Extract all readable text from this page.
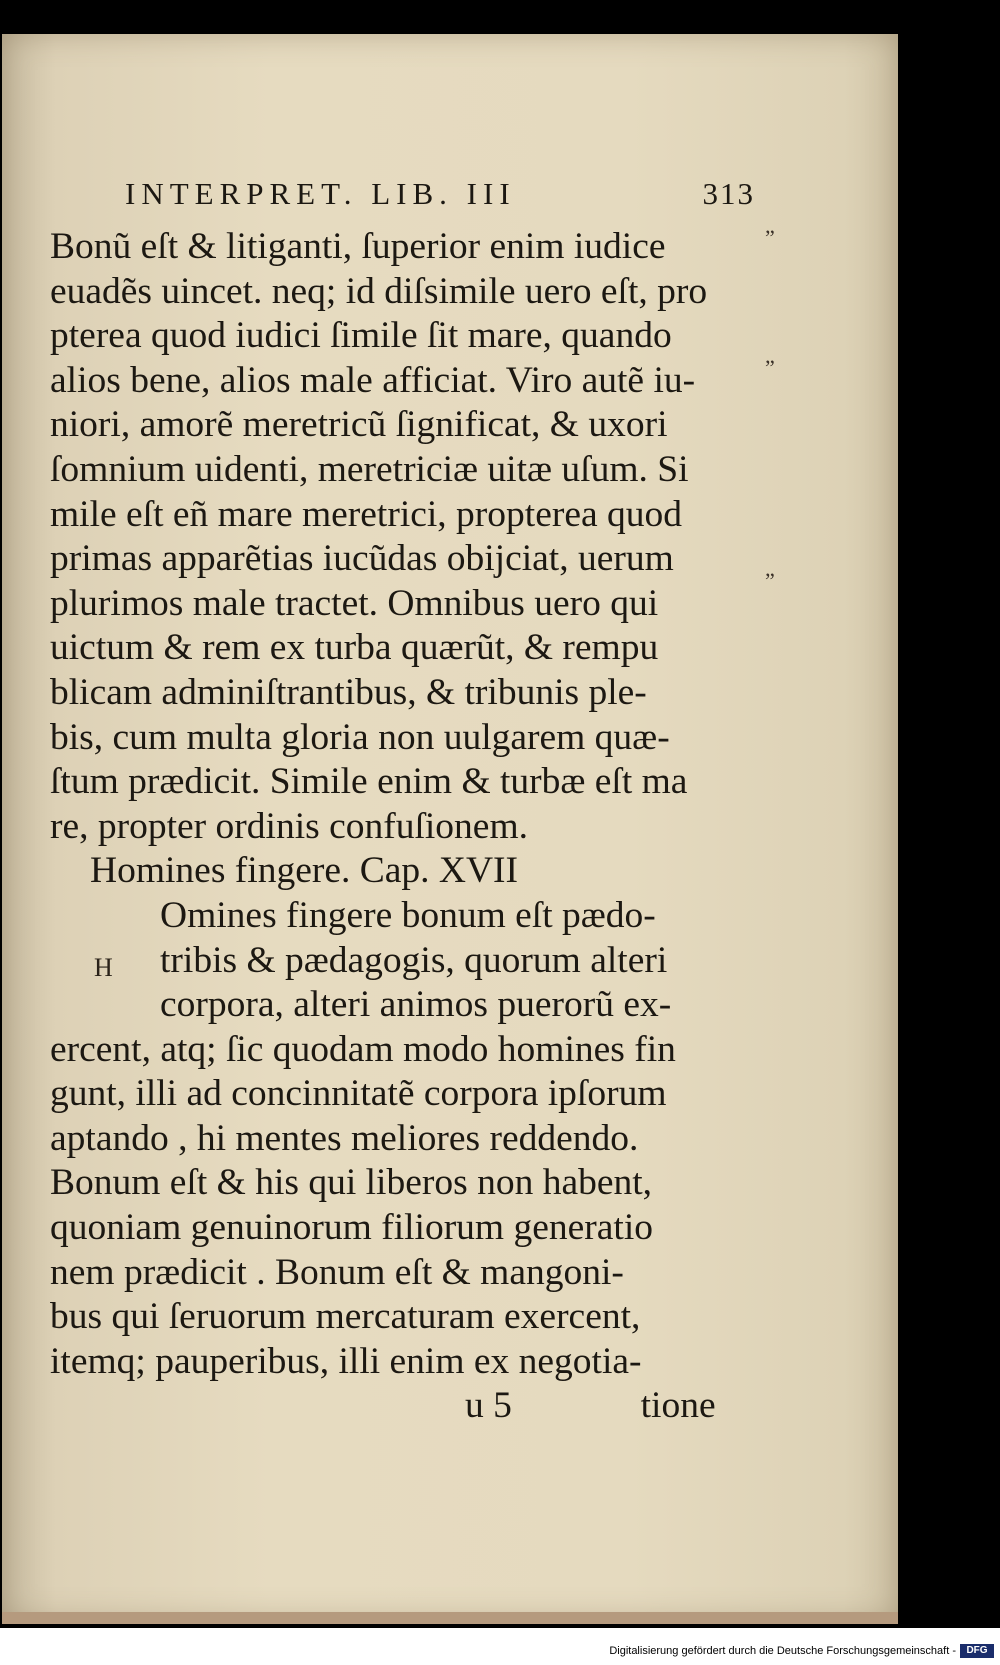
INTERPRET. LIB. III	313
”
”
”
H
Bonũ eſt & litiganti, ſuperior enim iudice
euadẽs uincet. neq; id diſsimile uero eſt, pro
pterea quod iudici ſimile ſit mare, quando
alios bene, alios male afficiat. Viro autẽ iu-
niori, amorẽ meretricũ ſignificat, & uxori
ſomnium uidenti, meretriciæ uitæ uſum. Si
mile eſt eñ mare meretrici, propterea quod
primas apparẽtias iucũdas obijciat, uerum
plurimos male tractet. Omnibus uero qui
uictum & rem ex turba quærũt, & rempu
blicam adminiſtrantibus, & tribunis ple-
bis, cum multa gloria non uulgarem quæ-
ſtum prædicit. Simile enim & turbæ eſt ma
re, propter ordinis confuſionem.
Homines fingere. Cap. XVII
Omines fingere bonum eſt pædo-
tribis & pædagogis, quorum alteri
corpora, alteri animos puerorũ ex-
ercent, atq; ſic quodam modo homines fin
gunt, illi ad concinnitatẽ corpora ipſorum
aptando , hi mentes meliores reddendo.
Bonum eſt & his qui liberos non habent,
quoniam genuinorum filiorum generatio
nem prædicit . Bonum eſt & mangoni-
bus qui ſeruorum mercaturam exercent,
itemq; pauperibus, illi enim ex negotia-
u 5	tione
Digitalisierung gefördert durch die Deutsche Forschungsgemeinschaft -	DFG
